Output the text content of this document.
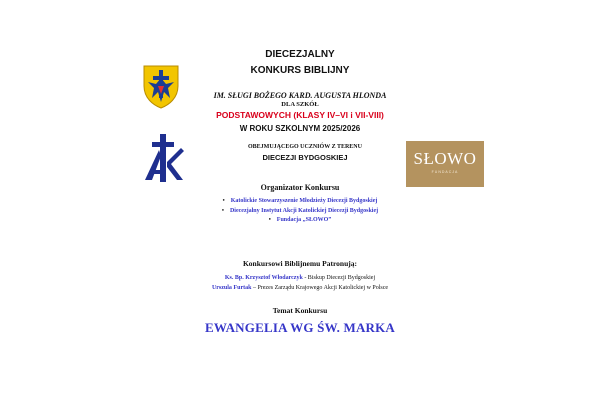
SŁOWO
FUNDACJA
DIECEZJALNY
KONKURS BIBLIJNY
IM. SŁUGI BOŻEGO KARD. AUGUSTA HLONDA
DLA SZKÓŁ
PODSTAWOWYCH (KLASY IV–VI i VII-VIII)
W ROKU SZKOLNYM 2025/2026
OBEJMUJĄCEGO UCZNIÓW Z TERENU
DIECEZJI BYDGOSKIEJ
Organizator Konkursu
• Katolickie Stowarzyszenie Młodzieży Diecezji Bydgoskiej
• Diecezjalny Instytut Akcji Katolickiej Diecezji Bydgoskiej
• Fundacja „SŁOWO”
Konkursowi Biblijnemu Patronują:
Ks. Bp. Krzysztof Włodarczyk - Biskup Diecezji Bydgoskiej
Urszula Furtak – Prezes Zarządu Krajowego Akcji Katolickiej w Polsce
Temat Konkursu
EWANGELIA WG ŚW. MARKA
